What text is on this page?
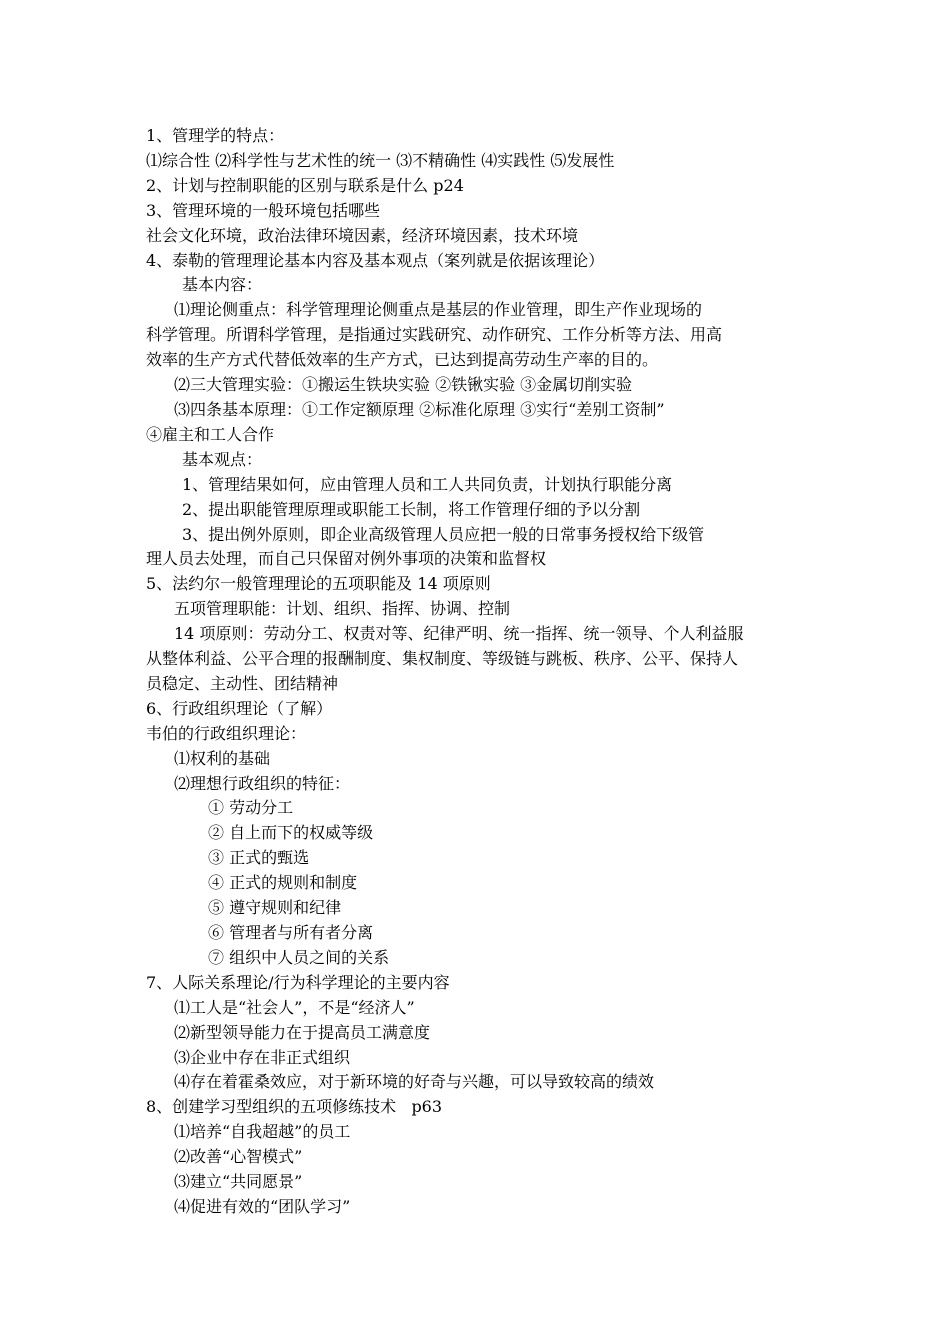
1、管理学的特点：
⑴综合性 ⑵科学性与艺术性的统一 ⑶不精确性 ⑷实践性 ⑸发展性
2、计划与控制职能的区别与联系是什么 p24
3、管理环境的一般环境包括哪些
社会文化环境，政治法律环境因素，经济环境因素，技术环境
4、泰勒的管理理论基本内容及基本观点（案列就是依据该理论）
基本内容：
⑴理论侧重点：科学管理理论侧重点是基层的作业管理，即生产作业现场的
科学管理。所谓科学管理，是指通过实践研究、动作研究、工作分析等方法、用高
效率的生产方式代替低效率的生产方式，已达到提高劳动生产率的目的。
⑵三大管理实验：①搬运生铁块实验 ②铁锹实验 ③金属切削实验
⑶四条基本原理：①工作定额原理 ②标准化原理 ③实行“差别工资制”
④雇主和工人合作
基本观点：
1、管理结果如何，应由管理人员和工人共同负责，计划执行职能分离
2、提出职能管理原理或职能工长制，将工作管理仔细的予以分割
3、提出例外原则，即企业高级管理人员应把一般的日常事务授权给下级管
理人员去处理，而自己只保留对例外事项的决策和监督权
5、法约尔一般管理理论的五项职能及 14 项原则
五项管理职能：计划、组织、指挥、协调、控制
14 项原则：劳动分工、权责对等、纪律严明、统一指挥、统一领导、个人利益服
从整体利益、公平合理的报酬制度、集权制度、等级链与跳板、秩序、公平、保持人
员稳定、主动性、团结精神
6、行政组织理论（了解）
韦伯的行政组织理论：
⑴权利的基础
⑵理想行政组织的特征：
① 劳动分工
② 自上而下的权威等级
③ 正式的甄选
④ 正式的规则和制度
⑤ 遵守规则和纪律
⑥ 管理者与所有者分离
⑦ 组织中人员之间的关系
7、人际关系理论/行为科学理论的主要内容
⑴工人是“社会人”，不是“经济人”
⑵新型领导能力在于提高员工满意度
⑶企业中存在非正式组织
⑷存在着霍桑效应，对于新环境的好奇与兴趣，可以导致较高的绩效
8、创建学习型组织的五项修练技术   p63
⑴培养“自我超越”的员工
⑵改善“心智模式”
⑶建立“共同愿景”
⑷促进有效的“团队学习”
